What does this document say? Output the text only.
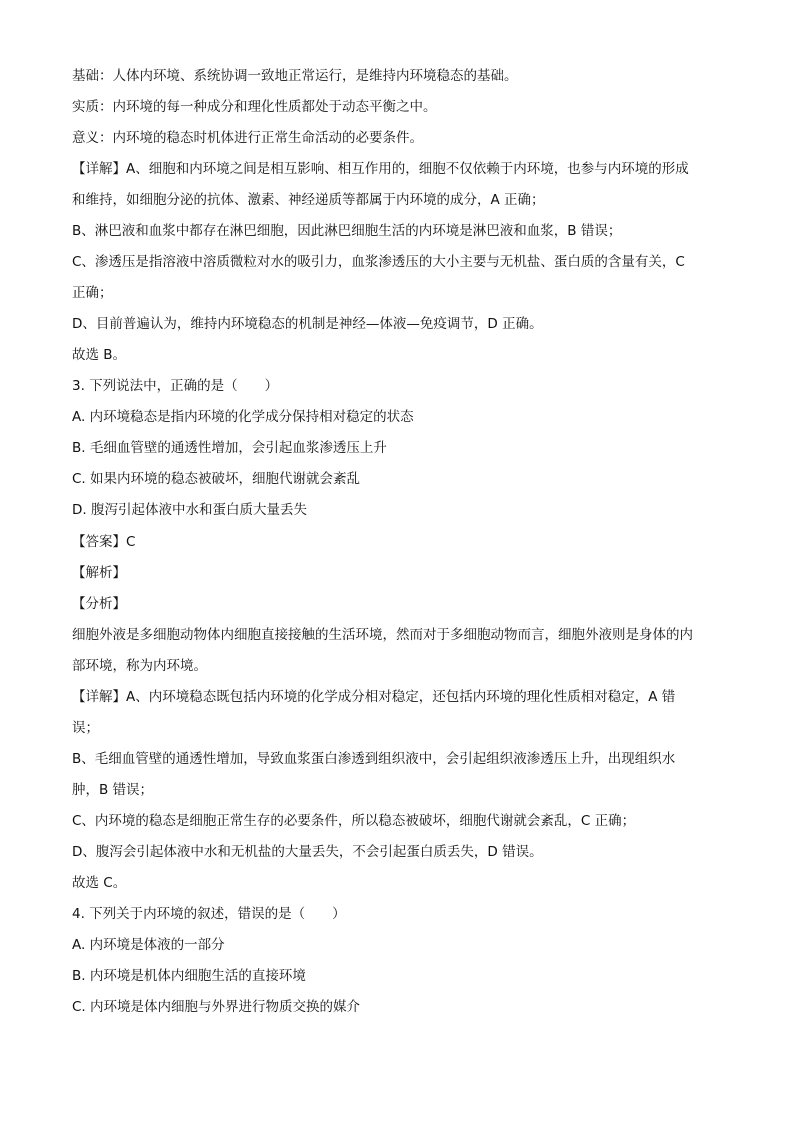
基础：人体内环境、系统协调一致地正常运行，是维持内环境稳态的基础。
实质：内环境的每一种成分和理化性质都处于动态平衡之中。
意义：内环境的稳态时机体进行正常生命活动的必要条件。
【详解】A、细胞和内环境之间是相互影响、相互作用的，细胞不仅依赖于内环境，也参与内环境的形成
和维持，如细胞分泌的抗体、激素、神经递质等都属于内环境的成分，A 正确；
B、淋巴液和血浆中都存在淋巴细胞，因此淋巴细胞生活的内环境是淋巴液和血浆，B 错误；
C、渗透压是指溶液中溶质微粒对水的吸引力，血浆渗透压的大小主要与无机盐、蛋白质的含量有关，C
正确；
D、目前普遍认为，维持内环境稳态的机制是神经—体液—免疫调节，D 正确。
故选 B。
3. 下列说法中，正确的是（　　）
A. 内环境稳态是指内环境的化学成分保持相对稳定的状态
B. 毛细血管壁的通透性增加，会引起血浆渗透压上升
C. 如果内环境的稳态被破坏，细胞代谢就会紊乱
D. 腹泻引起体液中水和蛋白质大量丢失
【答案】C
【解析】
【分析】
细胞外液是多细胞动物体内细胞直接接触的生活环境，然而对于多细胞动物而言，细胞外液则是身体的内
部环境，称为内环境。
【详解】A、内环境稳态既包括内环境的化学成分相对稳定，还包括内环境的理化性质相对稳定，A 错
误；
B、毛细血管壁的通透性增加，导致血浆蛋白渗透到组织液中，会引起组织液渗透压上升，出现组织水
肿，B 错误；
C、内环境的稳态是细胞正常生存的必要条件，所以稳态被破坏，细胞代谢就会紊乱，C 正确；
D、腹泻会引起体液中水和无机盐的大量丢失，不会引起蛋白质丢失，D 错误。
故选 C。
4. 下列关于内环境的叙述，错误的是（　　）
A. 内环境是体液的一部分
B. 内环境是机体内细胞生活的直接环境
C. 内环境是体内细胞与外界进行物质交换的媒介
